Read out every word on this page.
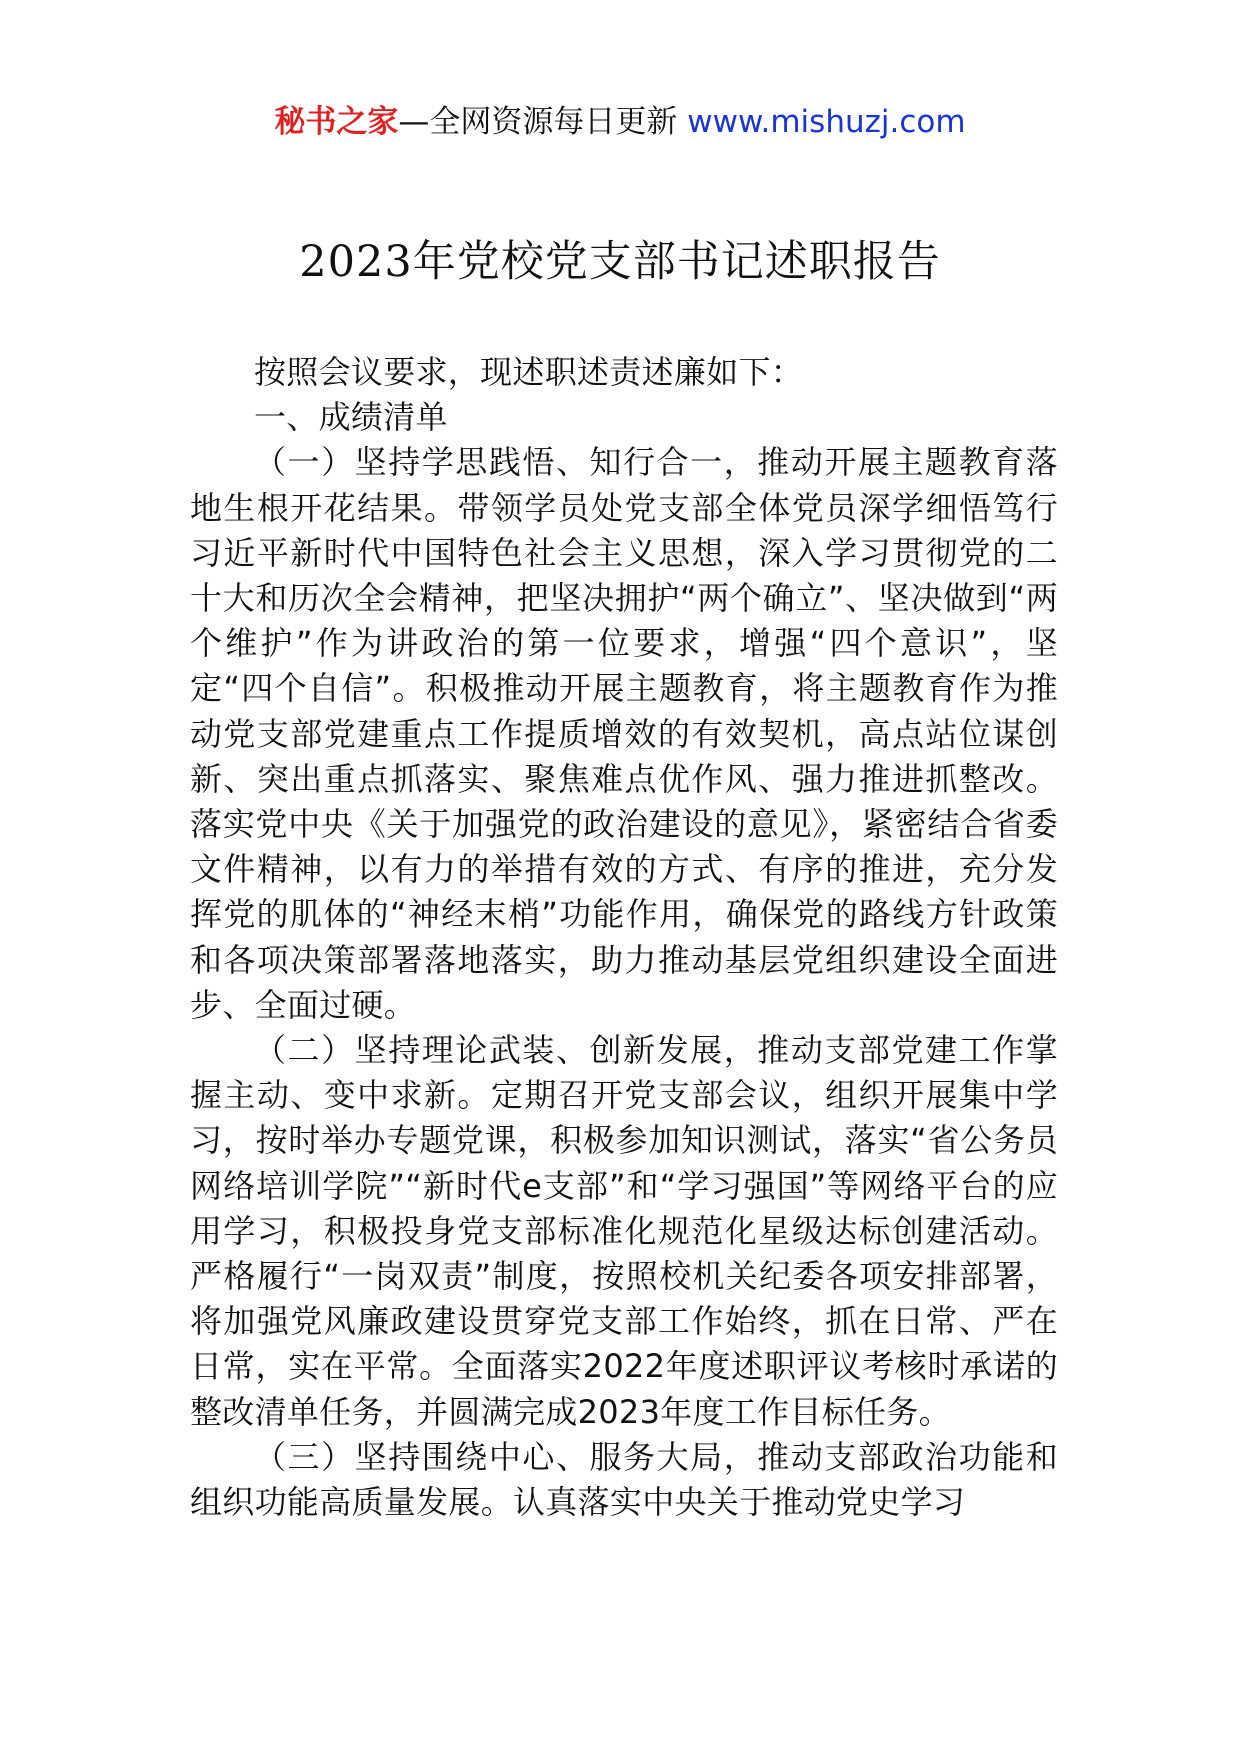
秘书之家—全网资源每日更新 www.mishuzj.com
2023年党校党支部书记述职报告

按照会议要求，现述职述责述廉如下：

一、成绩清单

（一）坚持学思践悟、知行合一，推动开展主题教育落地生根开花结果。带领学员处党支部全体党员深学细悟笃行习近平新时代中国特色社会主义思想，深入学习贯彻党的二十大和历次全会精神，把坚决拥护“两个确立”、坚决做到“两个维护”作为讲政治的第一位要求，增强“四个意识”，坚定“四个自信”。积极推动开展主题教育，将主题教育作为推动党支部党建重点工作提质增效的有效契机，高点站位谋创新、突出重点抓落实、聚焦难点优作风、强力推进抓整改。落实党中央《关于加强党的政治建设的意见》，紧密结合省委文件精神，以有力的举措有效的方式、有序的推进，充分发挥党的肌体的“神经末梢”功能作用，确保党的路线方针政策和各项决策部署落地落实，助力推动基层党组织建设全面进步、全面过硬。

（二）坚持理论武装、创新发展，推动支部党建工作掌握主动、变中求新。定期召开党支部会议，组织开展集中学习，按时举办专题党课，积极参加知识测试，落实“省公务员网络培训学院”“新时代e支部”和“学习强国”等网络平台的应用学习，积极投身党支部标准化规范化星级达标创建活动。严格履行“一岗双责”制度，按照校机关纪委各项安排部署，将加强党风廉政建设贯穿党支部工作始终，抓在日常、严在日常，实在平常。全面落实2022年度述职评议考核时承诺的整改清单任务，并圆满完成2023年度工作目标任务。

（三）坚持围绕中心、服务大局，推动支部政治功能和组织功能高质量发展。认真落实中央关于推动党史学习
